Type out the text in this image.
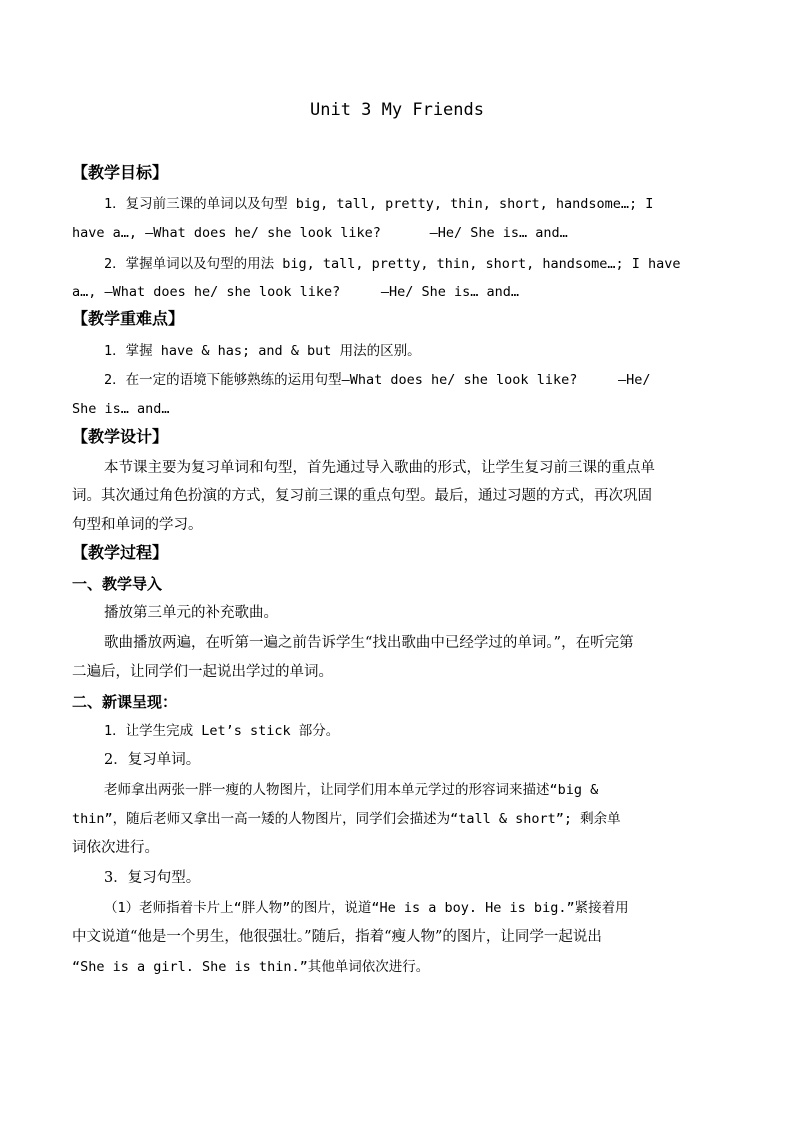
Unit 3 My Friends
【教学目标】
1．复习前三课的单词以及句型 big, tall, pretty, thin, short, handsome…; I
have a…, —What does he/ she look like?      —He/ She is… and…
2．掌握单词以及句型的用法 big, tall, pretty, thin, short, handsome…; I have
a…, —What does he/ she look like?     —He/ She is… and…
【教学重难点】
1．掌握 have & has; and & but 用法的区别。
2．在一定的语境下能够熟练的运用句型—What does he/ she look like?     —He/
She is… and…
【教学设计】
本节课主要为复习单词和句型，首先通过导入歌曲的形式，让学生复习前三课的重点单
词。其次通过角色扮演的方式，复习前三课的重点句型。最后，通过习题的方式，再次巩固
句型和单词的学习。
【教学过程】
一、教学导入
播放第三单元的补充歌曲。
歌曲播放两遍，在听第一遍之前告诉学生“找出歌曲中已经学过的单词。”，在听完第
二遍后，让同学们一起说出学过的单词。
二、新课呈现：
1．让学生完成 Let’s stick 部分。
2．复习单词。
老师拿出两张一胖一瘦的人物图片，让同学们用本单元学过的形容词来描述“big &
thin”，随后老师又拿出一高一矮的人物图片，同学们会描述为“tall & short”; 剩余单
词依次进行。
3．复习句型。
（1）老师指着卡片上“胖人物”的图片，说道“He is a boy. He is big.”紧接着用
中文说道“他是一个男生，他很强壮。”随后，指着“瘦人物”的图片，让同学一起说出
“She is a girl. She is thin.”其他单词依次进行。
